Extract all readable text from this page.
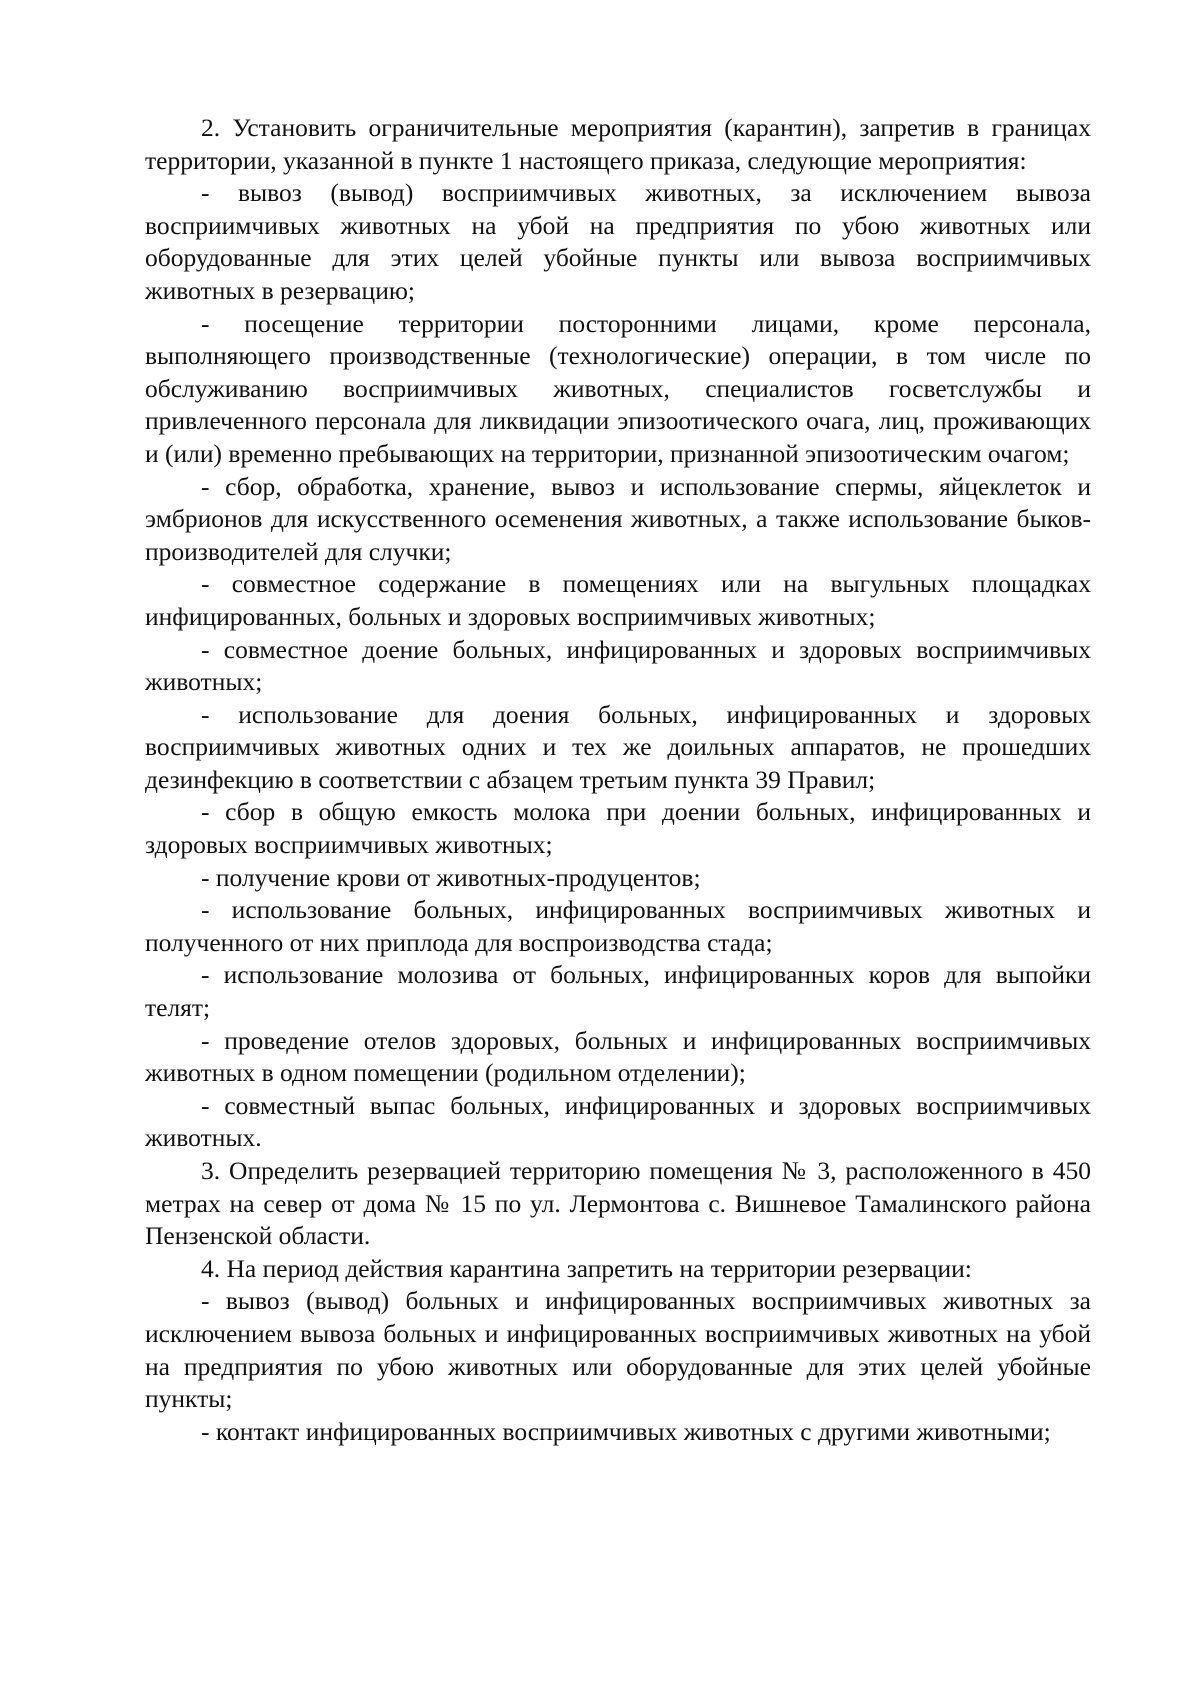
2. Установить ограничительные мероприятия (карантин), запретив в границах территории, указанной в пункте 1 настоящего приказа, следующие мероприятия:

- вывоз (вывод) восприимчивых животных, за исключением вывоза восприимчивых животных на убой на предприятия по убою животных или оборудованные для этих целей убойные пункты или вывоза восприимчивых животных в резервацию;

- посещение территории посторонними лицами, кроме персонала, выполняющего производственные (технологические) операции, в том числе по обслуживанию восприимчивых животных, специалистов госветслужбы и привлеченного персонала для ликвидации эпизоотического очага, лиц, проживающих и (или) временно пребывающих на территории, признанной эпизоотическим очагом;

- сбор, обработка, хранение, вывоз и использование спермы, яйцеклеток и эмбрионов для искусственного осеменения животных, а также использование быков-производителей для случки;

- совместное содержание в помещениях или на выгульных площадках инфицированных, больных и здоровых восприимчивых животных;

- совместное доение больных, инфицированных и здоровых восприимчивых животных;

- использование для доения больных, инфицированных и здоровых восприимчивых животных одних и тех же доильных аппаратов, не прошедших дезинфекцию в соответствии с абзацем третьим пункта 39 Правил;

- сбор в общую емкость молока при доении больных, инфицированных и здоровых восприимчивых животных;

- получение крови от животных-продуцентов;

- использование больных, инфицированных восприимчивых животных и полученного от них приплода для воспроизводства стада;

- использование молозива от больных, инфицированных коров для выпойки телят;

- проведение отелов здоровых, больных и инфицированных восприимчивых животных в одном помещении (родильном отделении);

- совместный выпас больных, инфицированных и здоровых восприимчивых животных.

3. Определить резервацией территорию помещения № 3, расположенного в 450 метрах на север от дома № 15 по ул. Лермонтова с. Вишневое Тамалинского района Пензенской области.

4. На период действия карантина запретить на территории резервации:

- вывоз (вывод) больных и инфицированных восприимчивых животных за исключением вывоза больных и инфицированных восприимчивых животных на убой на предприятия по убою животных или оборудованные для этих целей убойные пункты;

- контакт инфицированных восприимчивых животных с другими животными;
